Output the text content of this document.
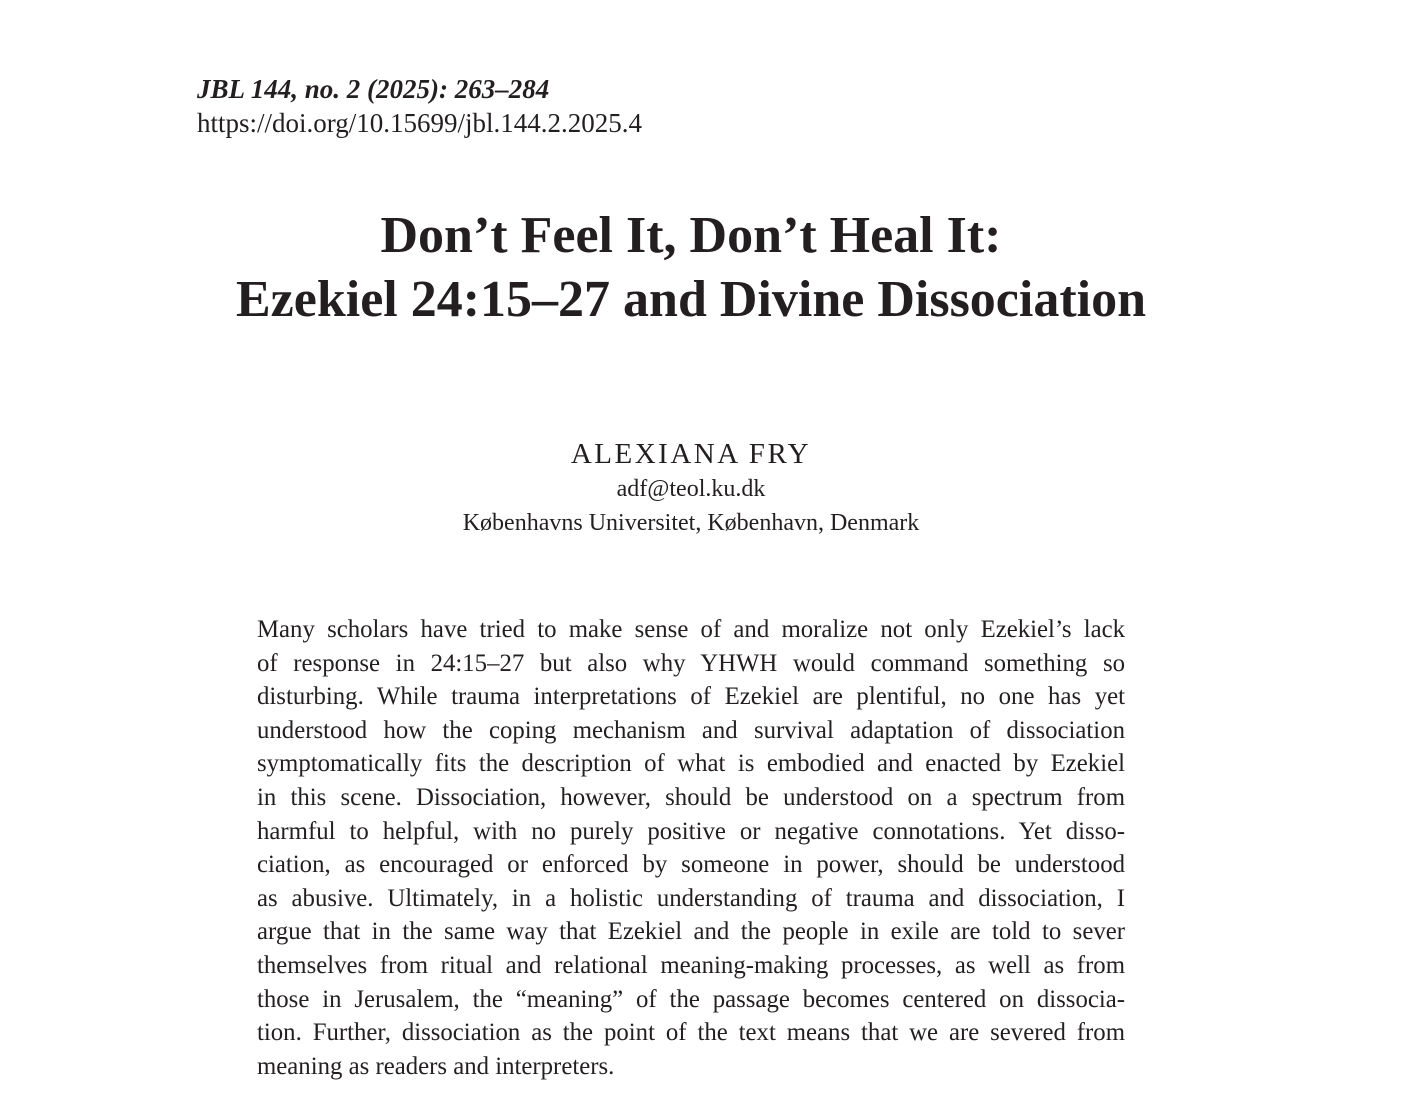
JBL 144, no. 2 (2025): 263–284
https://doi.org/10.15699/jbl.144.2.2025.4
Don’t Feel It, Don’t Heal It:
Ezekiel 24:15–27 and Divine Dissociation
ALEXIANA FRY
adf@teol.ku.dk
Københavns Universitet, København, Denmark
Many scholars have tried to make sense of and moralize not only Ezekiel’s lack
of response in 24:15–27 but also why YHWH would command something so
disturbing. While trauma interpretations of Ezekiel are plentiful, no one has yet
understood how the coping mechanism and survival adaptation of dissociation
symptomatically fits the description of what is embodied and enacted by Ezekiel
in this scene. Dissociation, however, should be understood on a spectrum from
harmful to helpful, with no purely positive or negative connotations. Yet disso-
ciation, as encouraged or enforced by someone in power, should be understood
as abusive. Ultimately, in a holistic understanding of trauma and dissociation, I
argue that in the same way that Ezekiel and the people in exile are told to sever
themselves from ritual and relational meaning-making processes, as well as from
those in Jerusalem, the “meaning” of the passage becomes centered on dissocia-
tion. Further, dissociation as the point of the text means that we are severed from
meaning as readers and interpreters.
